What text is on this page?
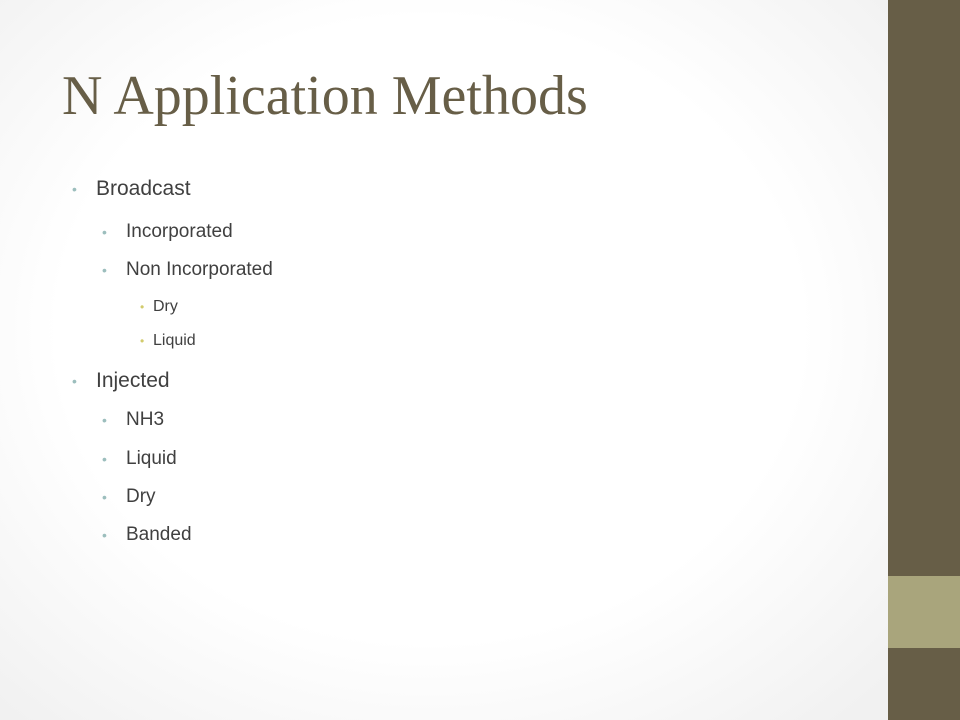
N Application Methods
• Broadcast
• Incorporated
• Non Incorporated
• Dry
• Liquid
• Injected
• NH3
• Liquid
• Dry
• Banded
